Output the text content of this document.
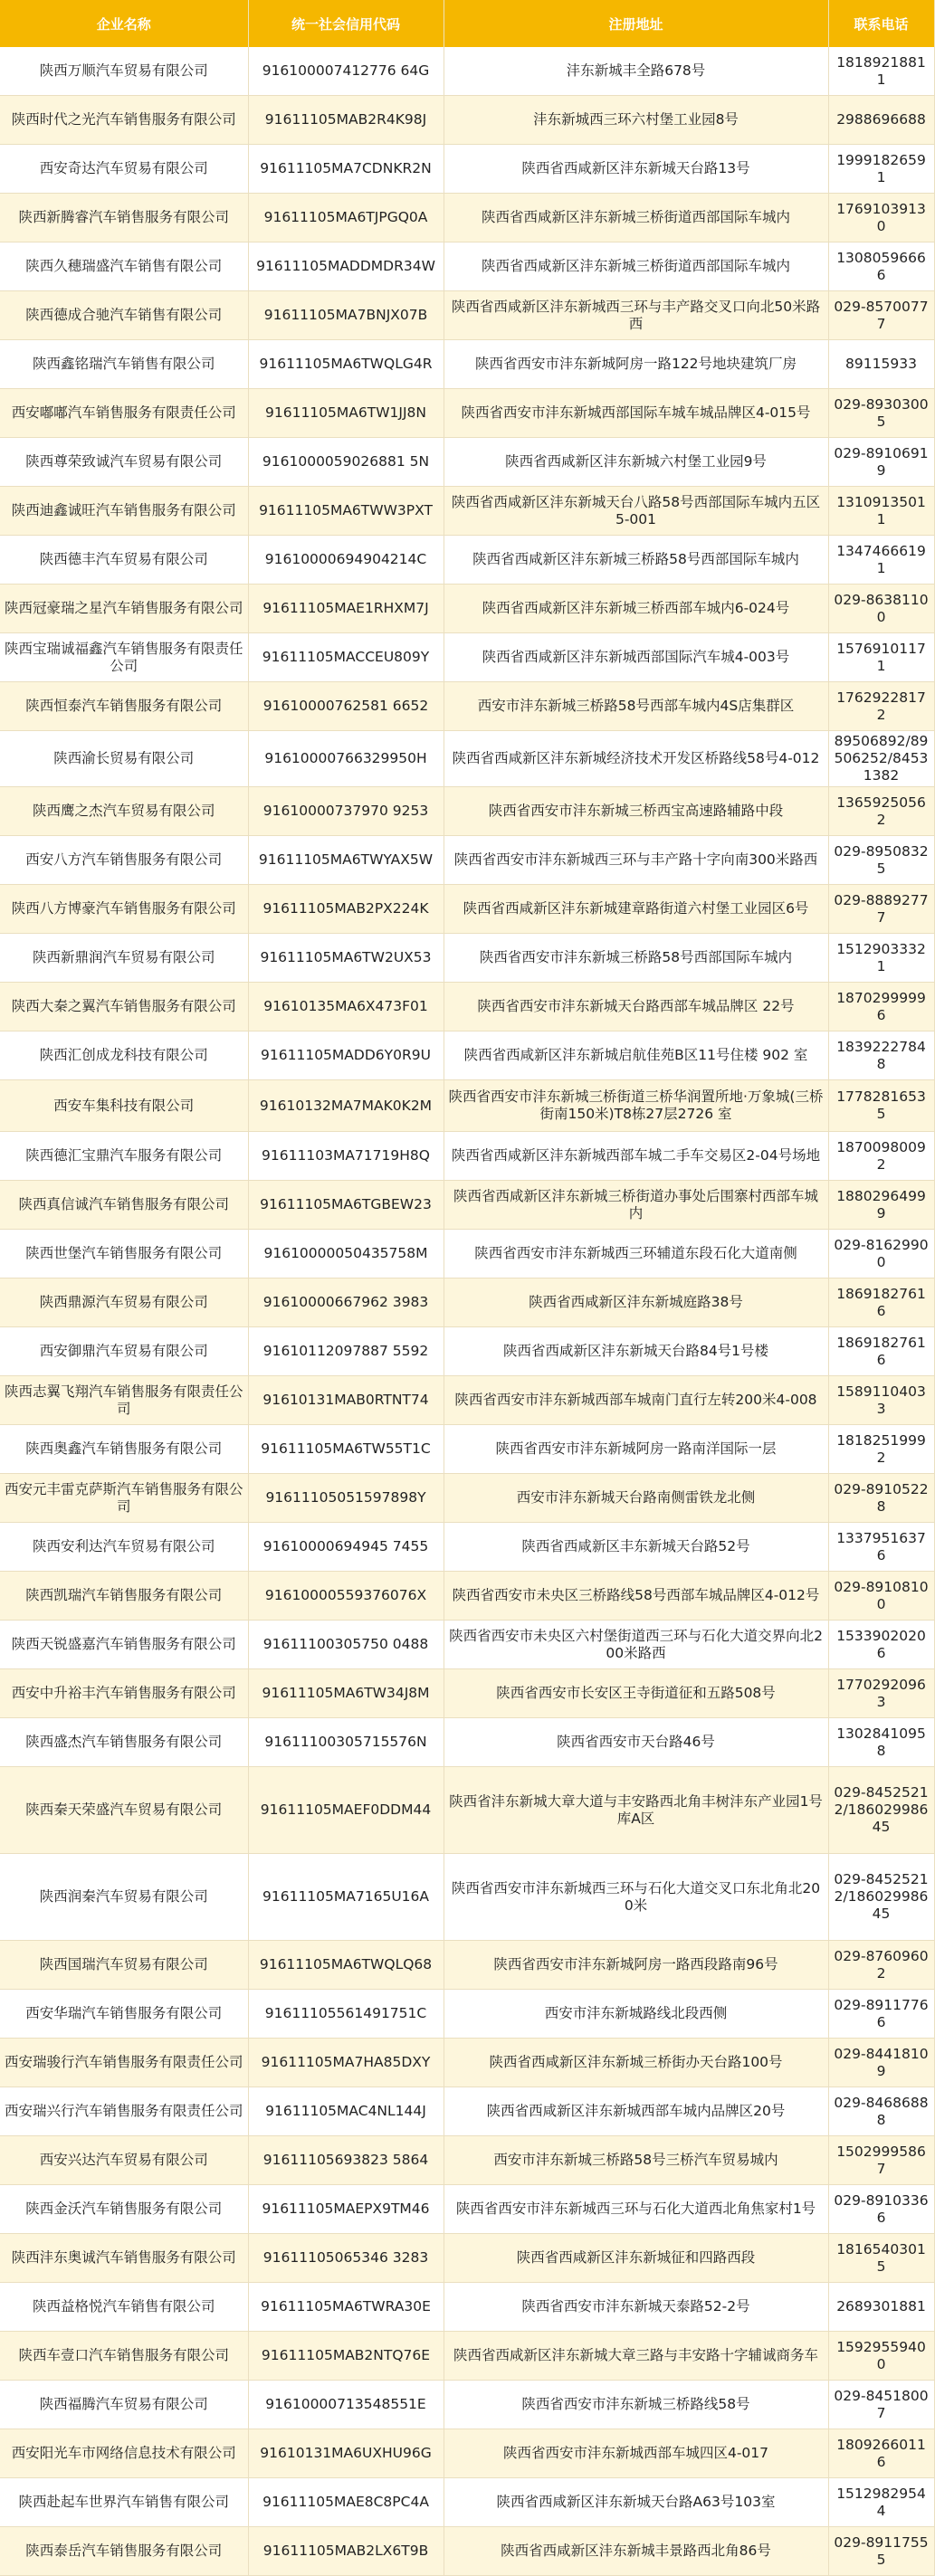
企业名称	统一社会信用代码	注册地址	联系电话
陕西万顺汽车贸易有限公司	916100007412776 64G	沣东新城丰全路678号	18189218811
陕西时代之光汽车销售服务有限公司	91611105MAB2R4K98J	沣东新城西三环六村堡工业园8号	2988696688
西安奇达汽车贸易有限公司	91611105MA7CDNKR2N	陕西省西咸新区沣东新城天台路13号	19991826591
陕西新腾睿汽车销售服务有限公司	91611105MA6TJPGQ0A	陕西省西咸新区沣东新城三桥街道西部国际车城内	17691039130
陕西久穗瑞盛汽车销售有限公司	91611105MADDMDR34W	陕西省西咸新区沣东新城三桥街道西部国际车城内	13080596666
陕西德成合驰汽车销售有限公司	91611105MA7BNJX07B	陕西省西咸新区沣东新城西三环与丰产路交叉口向北50米路西	029-85700777
陕西鑫铭瑞汽车销售有限公司	91611105MA6TWQLG4R	陕西省西安市沣东新城阿房一路122号地块建筑厂房	89115933
西安嘟嘟汽车销售服务有限责任公司	91611105MA6TW1JJ8N	陕西省西安市沣东新城西部国际车城车城品牌区4-015号	029-89303005
陕西尊荣致诚汽车贸易有限公司	9161000059026881 5N	陕西省西咸新区沣东新城六村堡工业园9号	029-89106919
陕西迪鑫诚旺汽车销售服务有限公司	91611105MA6TWW3PXT	陕西省西咸新区沣东新城天台八路58号西部国际车城内五区5-001	13109135011
陕西德丰汽车贸易有限公司	91610000694904214C	陕西省西咸新区沣东新城三桥路58号西部国际车城内	13474666191
陕西冠豪瑞之星汽车销售服务有限公司	91611105MAE1RHXM7J	陕西省西咸新区沣东新城三桥西部车城内6-024号	029-86381100
陕西宝瑞诚福鑫汽车销售服务有限责任公司	91611105MACCEU809Y	陕西省西咸新区沣东新城西部国际汽车城4-003号	15769101171
陕西恒泰汽车销售服务有限公司	91610000762581 6652	西安市沣东新城三桥路58号西部车城内4S店集群区	17629228172
陕西渝长贸易有限公司	91610000766329950H	陕西省西咸新区沣东新城经济技术开发区桥路线58号4-012	89506892/89506252/84531382
陕西鹰之杰汽车贸易有限公司	91610000737970 9253	陕西省西安市沣东新城三桥西宝高速路辅路中段	13659250562
西安八方汽车销售服务有限公司	91611105MA6TWYAX5W	陕西省西安市沣东新城西三环与丰产路十字向南300米路西	029-89508325
陕西八方博豪汽车销售服务有限公司	91611105MAB2PX224K	陕西省西咸新区沣东新城建章路街道六村堡工业园区6号	029-88892777
陕西新鼎润汽车贸易有限公司	91611105MA6TW2UX53	陕西省西安市沣东新城三桥路58号西部国际车城内	15129033321
陕西大秦之翼汽车销售服务有限公司	91610135MA6X473F01	陕西省西安市沣东新城天台路西部车城品牌区 22号	18702999996
陕西汇创成龙科技有限公司	91611105MADD6Y0R9U	陕西省西咸新区沣东新城启航佳苑B区11号住楼 902 室	18392227848
西安车集科技有限公司	91610132MA7MAK0K2M	陕西省西安市沣东新城三桥街道三桥华润置所地·万象城(三桥街南150米)T8栋27层2726 室	17782816535
陕西德汇宝鼎汽车服务有限公司	91611103MA71719H8Q	陕西省西咸新区沣东新城西部车城二手车交易区2-04号场地	18700980092
陕西真信诚汽车销售服务有限公司	91611105MA6TGBEW23	陕西省西咸新区沣东新城三桥街道办事处后围寨村西部车城内	18802964999
陕西世堡汽车销售服务有限公司	91610000050435758M	陕西省西安市沣东新城西三环辅道东段石化大道南侧	029-81629900
陕西鼎源汽车贸易有限公司	91610000667962 3983	陕西省西咸新区沣东新城庭路38号	18691827616
西安御鼎汽车贸易有限公司	91610112097887 5592	陕西省西咸新区沣东新城天台路84号1号楼	18691827616
陕西志翼飞翔汽车销售服务有限责任公司	91610131MAB0RTNT74	陕西省西安市沣东新城西部车城南门直行左转200米4-008	15891104033
陕西奥鑫汽车销售服务有限公司	91611105MA6TW55T1C	陕西省西安市沣东新城阿房一路南洋国际一层	18182519992
西安元丰雷克萨斯汽车销售服务有限公司	91611105051597898Y	西安市沣东新城天台路南侧雷铁龙北侧	029-89105228
陕西安利达汽车贸易有限公司	91610000694945 7455	陕西省西咸新区丰东新城天台路52号	13379516376
陕西凯瑞汽车销售服务有限公司	91610000559376076X	陕西省西安市未央区三桥路线58号西部车城品牌区4-012号	029-89108100
陕西天锐盛嘉汽车销售服务有限公司	91611100305750 0488	陕西省西安市未央区六村堡街道西三环与石化大道交界向北200米路西	15339020206
西安中升裕丰汽车销售服务有限公司	91611105MA6TW34J8M	陕西省西安市长安区王寺街道征和五路508号	17702920963
陕西盛杰汽车销售服务有限公司	91611100305715576N	陕西省西安市天台路46号	13028410958
陕西秦天荣盛汽车贸易有限公司	91611105MAEF0DDM44	陕西省沣东新城大章大道与丰安路西北角丰树沣东产业园1号库A区	029-84525212/18602998645
陕西润秦汽车贸易有限公司	91611105MA7165U16A	陕西省西安市沣东新城西三环与石化大道交叉口东北角北200米	029-84525212/18602998645
陕西国瑞汽车贸易有限公司	91611105MA6TWQLQ68	陕西省西安市沣东新城阿房一路西段路南96号	029-87609602
西安华瑞汽车销售服务有限公司	91611105561491751C	西安市沣东新城路线北段西侧	029-89117766
西安瑞骏行汽车销售服务有限责任公司	91611105MA7HA85DXY	陕西省西咸新区沣东新城三桥街办天台路100号	029-84418109
西安瑞兴行汽车销售服务有限责任公司	91611105MAC4NL144J	陕西省西咸新区沣东新城西部车城内品牌区20号	029-84686888
西安兴达汽车贸易有限公司	91611105693823 5864	西安市沣东新城三桥路58号三桥汽车贸易城内	15029995867
陕西金沃汽车销售服务有限公司	91611105MAEPX9TM46	陕西省西安市沣东新城西三环与石化大道西北角焦家村1号	029-89103366
陕西沣东奥诚汽车销售服务有限公司	91611105065346 3283	陕西省西咸新区沣东新城征和四路西段	18165403015
陕西益格悦汽车销售有限公司	91611105MA6TWRA30E	陕西省西安市沣东新城天泰路52-2号	2689301881
陕西车壹口汽车销售服务有限公司	91611105MAB2NTQ76E	陕西省西咸新区沣东新城大章三路与丰安路十字辅诚商务车	15929559400
陕西福腾汽车贸易有限公司	91610000713548551E	陕西省西安市沣东新城三桥路线58号	029-84518007
西安阳光车市网络信息技术有限公司	91610131MA6UXHU96G	陕西省西安市沣东新城西部车城四区4-017	18092660116
陕西赴起车世界汽车销售有限公司	91611105MAE8C8PC4A	陕西省西咸新区沣东新城天台路A63号103室	15129829544
陕西泰岳汽车销售服务有限公司	91611105MAB2LX6T9B	陕西省西咸新区沣东新城丰景路西北角86号	029-89117555
